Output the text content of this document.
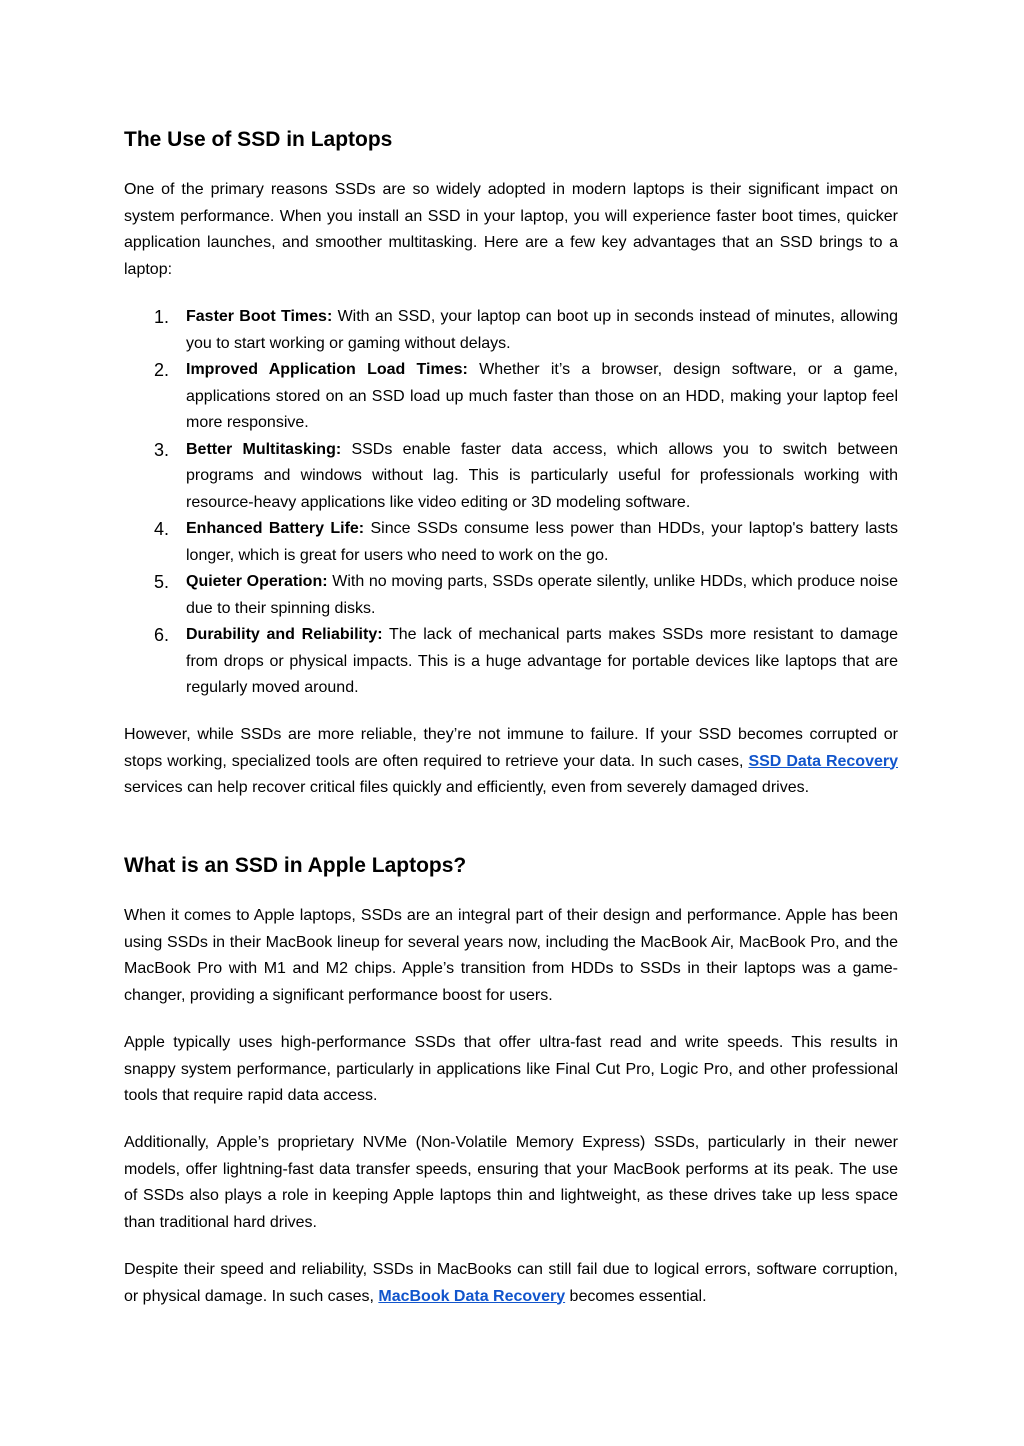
The Use of SSD in Laptops

One of the primary reasons SSDs are so widely adopted in modern laptops is their significant impact on system performance. When you install an SSD in your laptop, you will experience faster boot times, quicker application launches, and smoother multitasking. Here are a few key advantages that an SSD brings to a laptop:

1. Faster Boot Times: With an SSD, your laptop can boot up in seconds instead of minutes, allowing you to start working or gaming without delays.
2. Improved Application Load Times: Whether it’s a browser, design software, or a game, applications stored on an SSD load up much faster than those on an HDD, making your laptop feel more responsive.
3. Better Multitasking: SSDs enable faster data access, which allows you to switch between programs and windows without lag. This is particularly useful for professionals working with resource-heavy applications like video editing or 3D modeling software.
4. Enhanced Battery Life: Since SSDs consume less power than HDDs, your laptop's battery lasts longer, which is great for users who need to work on the go.
5. Quieter Operation: With no moving parts, SSDs operate silently, unlike HDDs, which produce noise due to their spinning disks.
6. Durability and Reliability: The lack of mechanical parts makes SSDs more resistant to damage from drops or physical impacts. This is a huge advantage for portable devices like laptops that are regularly moved around.

However, while SSDs are more reliable, they’re not immune to failure. If your SSD becomes corrupted or stops working, specialized tools are often required to retrieve your data. In such cases, SSD Data Recovery services can help recover critical files quickly and efficiently, even from severely damaged drives.

What is an SSD in Apple Laptops?

When it comes to Apple laptops, SSDs are an integral part of their design and performance. Apple has been using SSDs in their MacBook lineup for several years now, including the MacBook Air, MacBook Pro, and the MacBook Pro with M1 and M2 chips. Apple’s transition from HDDs to SSDs in their laptops was a game-changer, providing a significant performance boost for users.

Apple typically uses high-performance SSDs that offer ultra-fast read and write speeds. This results in snappy system performance, particularly in applications like Final Cut Pro, Logic Pro, and other professional tools that require rapid data access.

Additionally, Apple’s proprietary NVMe (Non-Volatile Memory Express) SSDs, particularly in their newer models, offer lightning-fast data transfer speeds, ensuring that your MacBook performs at its peak. The use of SSDs also plays a role in keeping Apple laptops thin and lightweight, as these drives take up less space than traditional hard drives.

Despite their speed and reliability, SSDs in MacBooks can still fail due to logical errors, software corruption, or physical damage. In such cases, MacBook Data Recovery becomes essential.
